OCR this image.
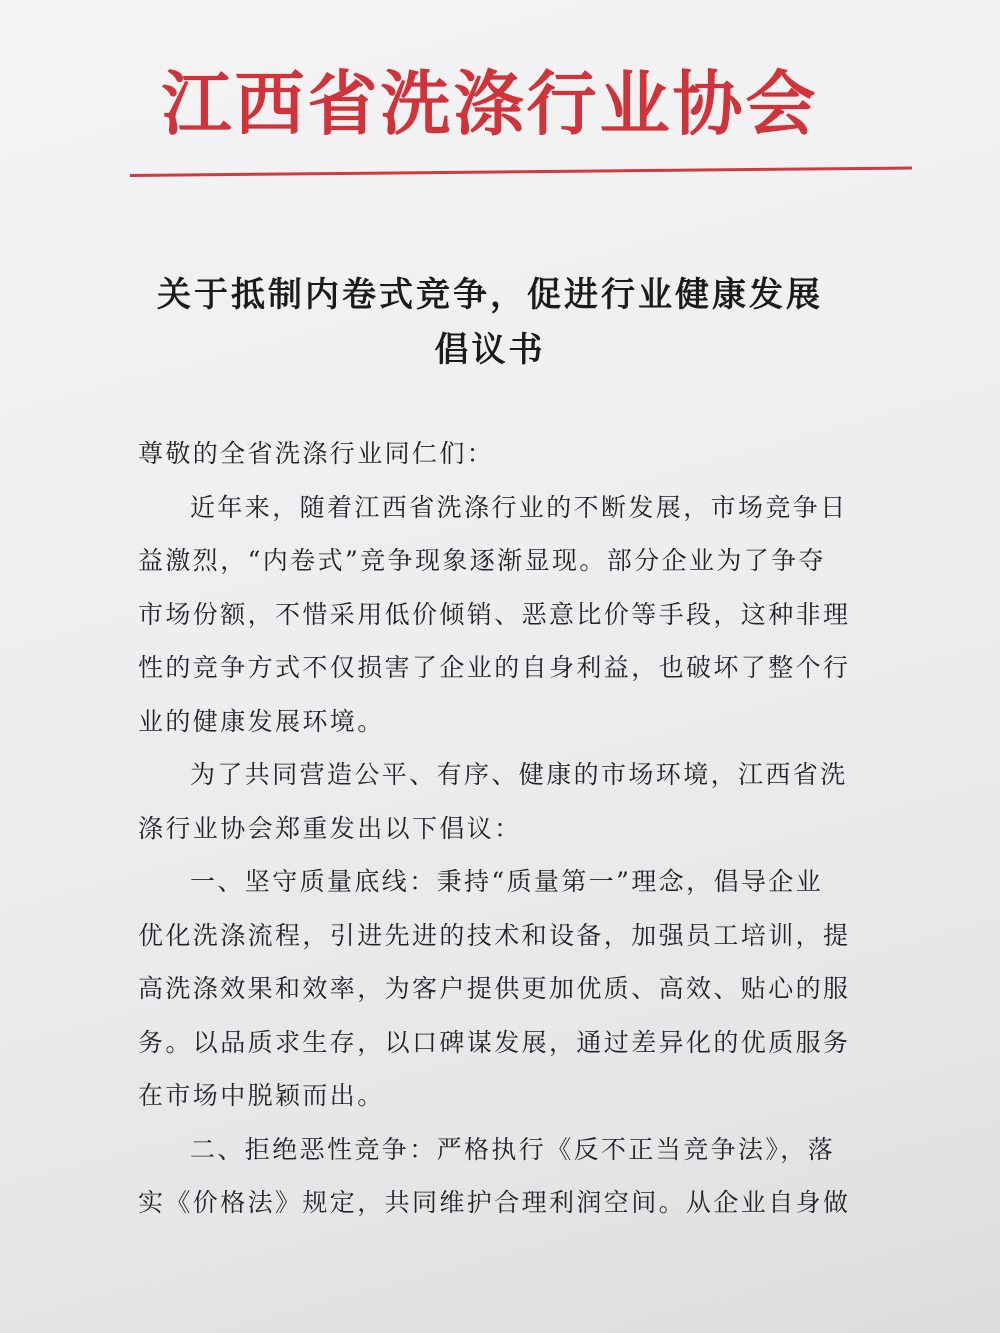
江西省洗涤行业协会
关于抵制内卷式竞争，促进行业健康发展
倡议书
尊敬的全省洗涤行业同仁们：
近年来，随着江西省洗涤行业的不断发展，市场竞争日
益激烈，“内卷式”竞争现象逐渐显现。部分企业为了争夺
市场份额，不惜采用低价倾销、恶意比价等手段，这种非理
性的竞争方式不仅损害了企业的自身利益，也破坏了整个行
业的健康发展环境。
为了共同营造公平、有序、健康的市场环境，江西省洗
涤行业协会郑重发出以下倡议：
一、坚守质量底线：秉持“质量第一”理念，倡导企业
优化洗涤流程，引进先进的技术和设备，加强员工培训，提
高洗涤效果和效率，为客户提供更加优质、高效、贴心的服
务。以品质求生存，以口碑谋发展，通过差异化的优质服务
在市场中脱颖而出。
二、拒绝恶性竞争：严格执行《反不正当竞争法》，落
实《价格法》规定，共同维护合理利润空间。从企业自身做
